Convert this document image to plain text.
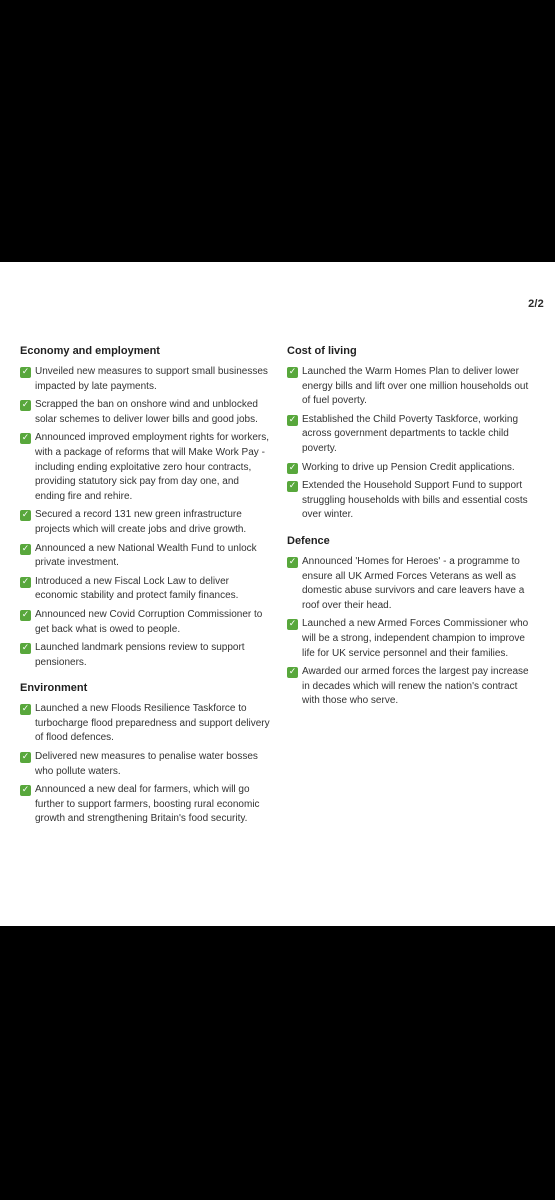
2/2
Economy and employment
✓ Unveiled new measures to support small businesses impacted by late payments.
✓ Scrapped the ban on onshore wind and unblocked solar schemes to deliver lower bills and good jobs.
✓ Announced improved employment rights for workers, with a package of reforms that will Make Work Pay - including ending exploitative zero hour contracts, providing statutory sick pay from day one, and ending fire and rehire.
✓ Secured a record 131 new green infrastructure projects which will create jobs and drive growth.
✓ Announced a new National Wealth Fund to unlock private investment.
✓ Introduced a new Fiscal Lock Law to deliver economic stability and protect family finances.
✓ Announced new Covid Corruption Commissioner to get back what is owed to people.
✓ Launched landmark pensions review to support pensioners.
Environment
✓ Launched a new Floods Resilience Taskforce to turbocharge flood preparedness and support delivery of flood defences.
✓ Delivered new measures to penalise water bosses who pollute waters.
✓ Announced a new deal for farmers, which will go further to support farmers, boosting rural economic growth and strengthening Britain's food security.
Cost of living
✓ Launched the Warm Homes Plan to deliver lower energy bills and lift over one million households out of fuel poverty.
✓ Established the Child Poverty Taskforce, working across government departments to tackle child poverty.
✓ Working to drive up Pension Credit applications.
✓ Extended the Household Support Fund to support struggling households with bills and essential costs over winter.
Defence
✓ Announced 'Homes for Heroes' - a programme to ensure all UK Armed Forces Veterans as well as domestic abuse survivors and care leavers have a roof over their head.
✓ Launched a new Armed Forces Commissioner who will be a strong, independent champion to improve life for UK service personnel and their families.
✓ Awarded our armed forces the largest pay increase in decades which will renew the nation's contract with those who serve.
